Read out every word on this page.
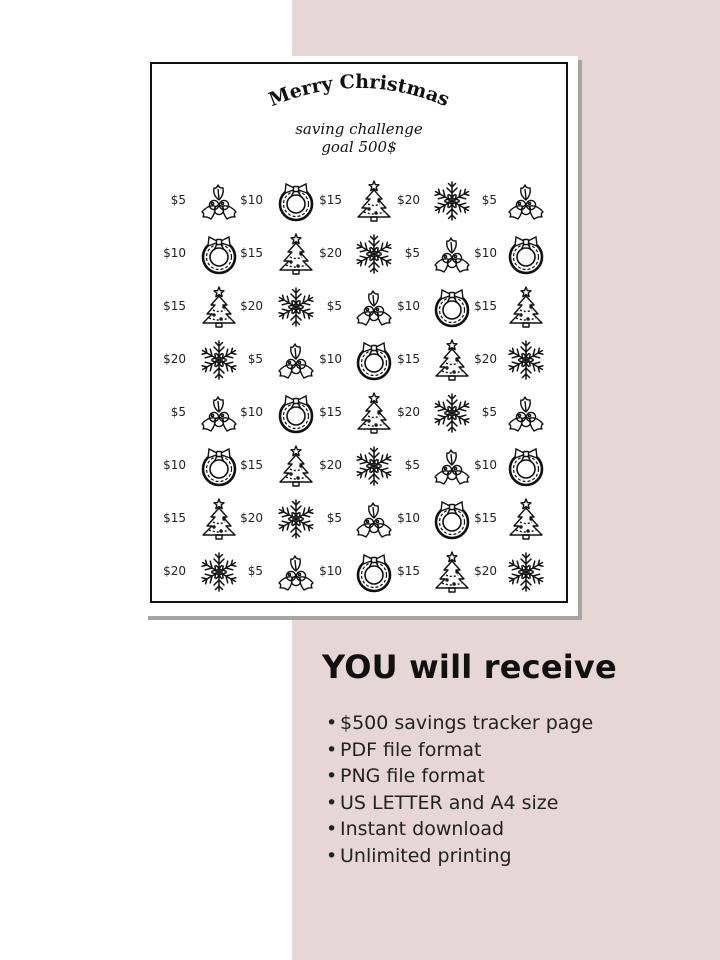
Merry Christmas
saving challenge
goal 500$
$5	$10	$15	$20	$5
$10	$15	$20	$5	$10
$15	$20	$5	$10	$15
$20	$5	$10	$15	$20
$5	$10	$15	$20	$5
$10	$15	$20	$5	$10
$15	$20	$5	$10	$15
$20	$5	$10	$15	$20
YOU will receive
• $500 savings tracker page
• PDF file format
• PNG file format
• US LETTER and A4 size
• Instant download
• Unlimited printing
